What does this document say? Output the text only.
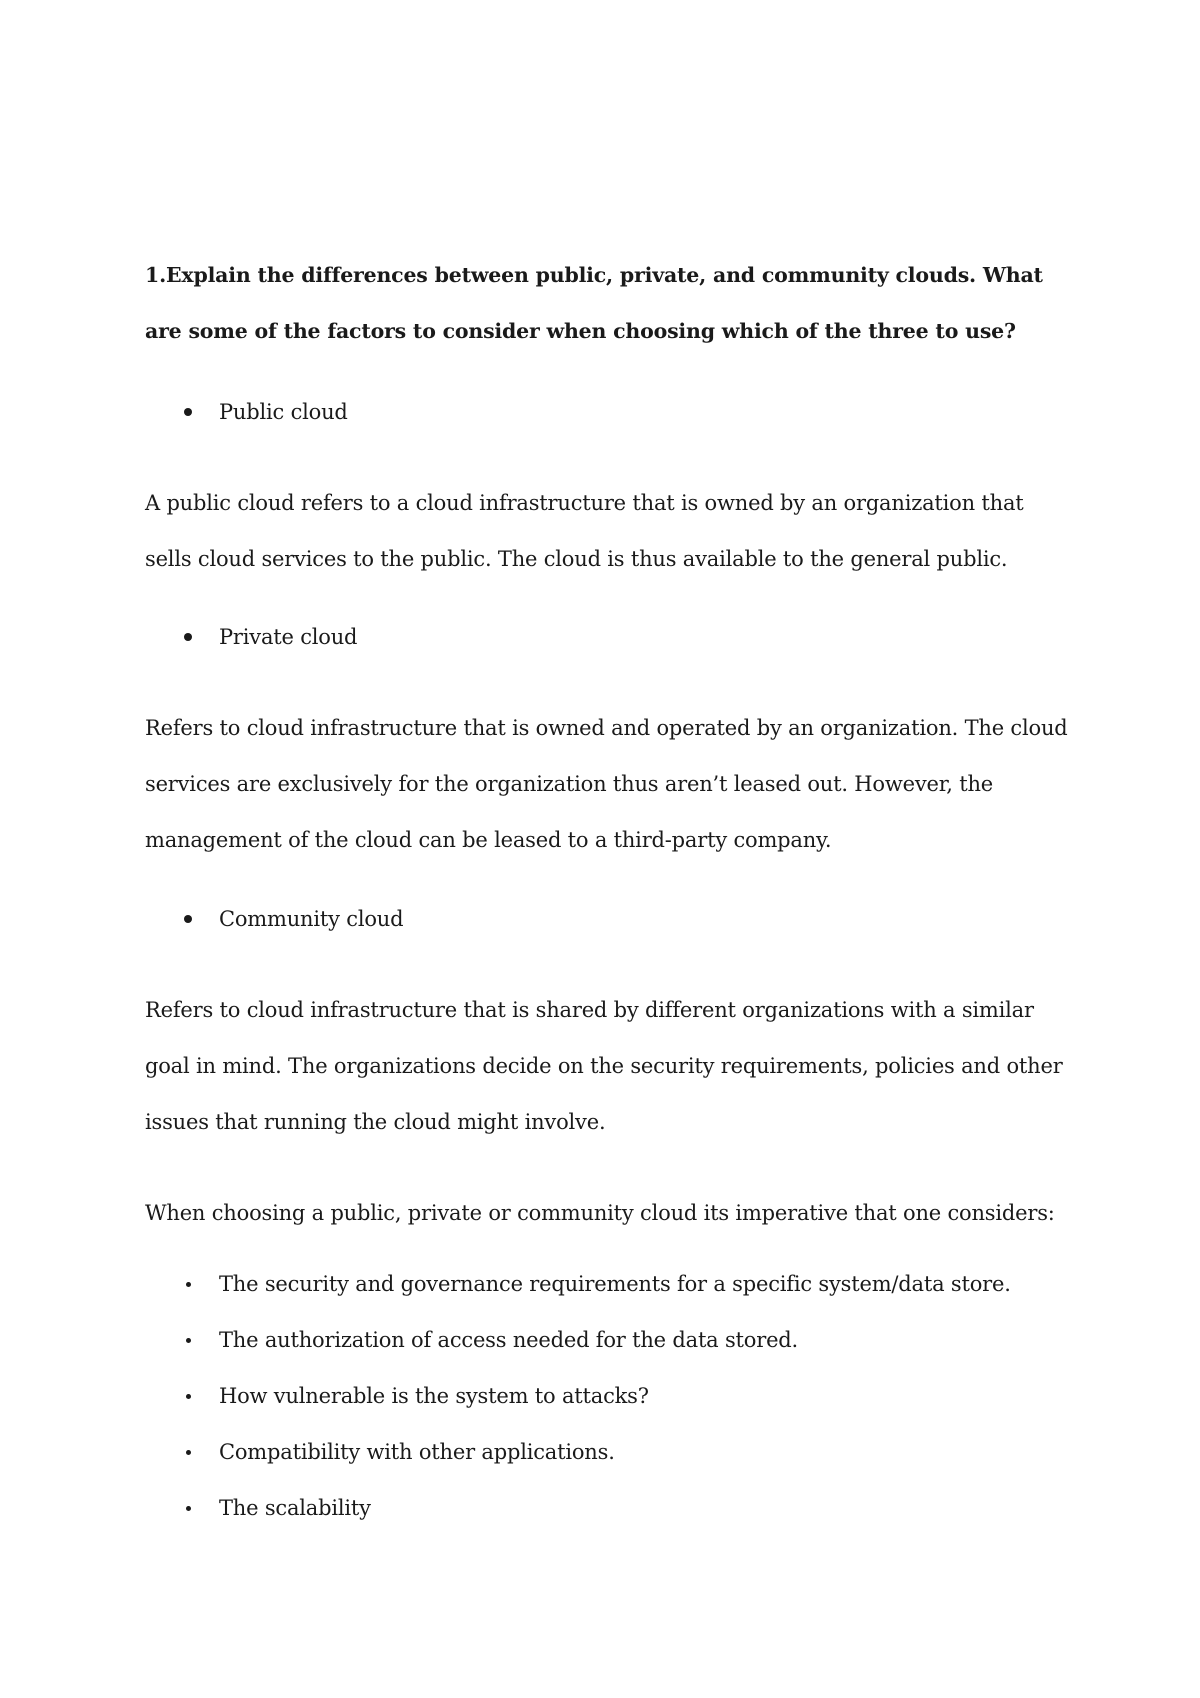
1.Explain the differences between public, private, and community clouds. What are some of the factors to consider when choosing which of the three to use?
Public cloud
A public cloud refers to a cloud infrastructure that is owned by an organization that sells cloud services to the public. The cloud is thus available to the general public.
Private cloud
Refers to cloud infrastructure that is owned and operated by an organization. The cloud services are exclusively for the organization thus aren’t leased out. However, the management of the cloud can be leased to a third-party company.
Community cloud
Refers to cloud infrastructure that is shared by different organizations with a similar goal in mind. The organizations decide on the security requirements, policies and other issues that running the cloud might involve.
When choosing a public, private or community cloud its imperative that one considers:
The security and governance requirements for a specific system/data store.
The authorization of access needed for the data stored.
How vulnerable is the system to attacks?
Compatibility with other applications.
The scalability
